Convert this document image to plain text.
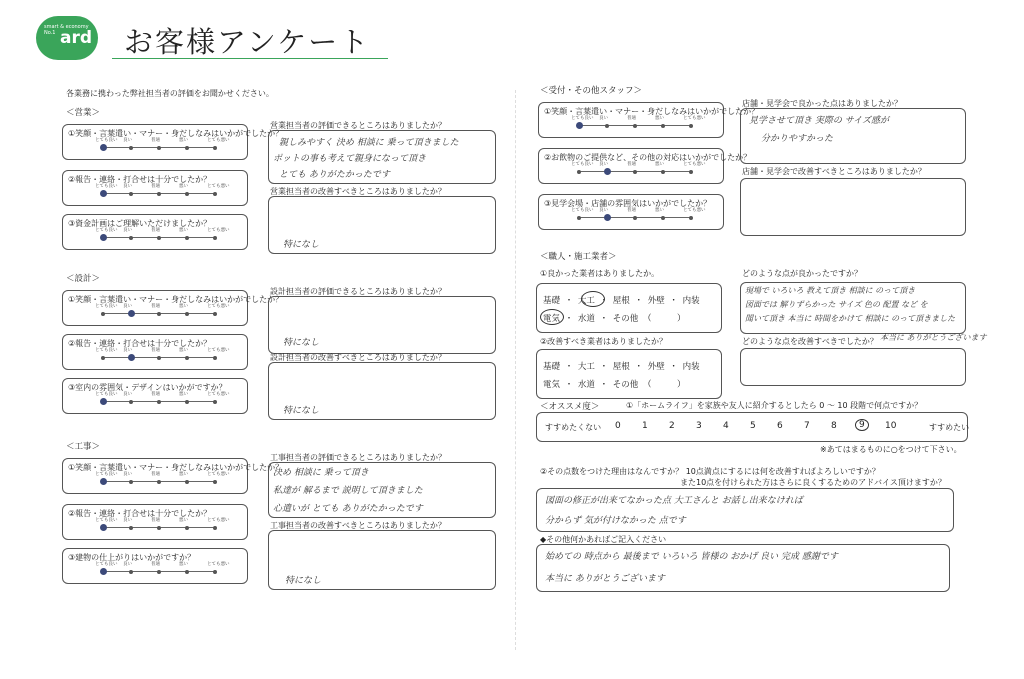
smart & economy No.1 ard お客様アンケート
各業務に携わった弊社担当者の評価をお聞かせください。
＜営業＞
①笑顔・言葉遣い・マナー・身だしなみはいかがでしたか？
とても良い 良い	普通	悪い	とても悪い
②報告・連絡・打合せは十分でしたか？
とても良い 良い	普通	悪い	とても悪い
③資金計画はご理解いただけましたか？
とても良い 良い	普通	悪い	とても悪い
営業担当者の評価できるところはありましたか？
親しみやすく 決め 相談に 乗って頂きました
ポットの事も考えて親身になって頂き
とても ありがたかったです
営業担当者の改善すべきところはありましたか？
特になし
＜設計＞
①笑顔・言葉遣い・マナー・身だしなみはいかがでしたか？
とても良い 良い	普通	悪い	とても悪い
②報告・連絡・打合せは十分でしたか？
とても良い 良い	普通	悪い	とても悪い
③室内の雰囲気・デザインはいかがですか？
とても良い 良い	普通	悪い	とても悪い
設計担当者の評価できるところはありましたか？
特になし
設計担当者の改善すべきところはありましたか？
特になし
＜工事＞
①笑顔・言葉遣い・マナー・身だしなみはいかがでしたか？
とても良い 良い	普通	悪い	とても悪い
②報告・連絡・打合せは十分でしたか？
とても良い 良い	普通	悪い	とても悪い
③建物の仕上がりはいかがですか？
とても良い 良い	普通	悪い	とても悪い
工事担当者の評価できるところはありましたか？
決め 相談に 乗って頂き
私達が 解るまで 説明して頂きました
心遣いが とても ありがたかったです
工事担当者の改善すべきところはありましたか？
特になし
＜受付・その他スタッフ＞
①笑顔・言葉遣い・マナー・身だしなみはいかがでしたか？
とても良い 良い	普通	悪い	とても悪い
②お飲物のご提供など、その他の対応はいかがでしたか？
とても良い 良い	普通	悪い	とても悪い
③見学会場・店舗の雰囲気はいかがでしたか？
とても良い 良い	普通	悪い	とても悪い
店舗・見学会で良かった点はありましたか？
見学させて頂き 実際の サイズ感が
分かりやすかった
店舗・見学会で改善すべきところはありましたか？
＜職人・施工業者＞
①良かった業者はありましたか。
基礎 ・ 大工 ・ 屋根 ・ 外壁 ・ 内装
電気 ・ 水道 ・ その他 （　　　）
どのような点が良かったですか？
現場で いろいろ 教えて頂き 相談に のって頂き
図面では 解りずらかった サイズ 色の 配置 など を
聞いて頂き 本当に 時間をかけて 相談に のって頂きました
本当に ありがとうございます
②改善すべき業者はありましたか？
基礎 ・ 大工 ・ 屋根 ・ 外壁 ・ 内装
電気 ・ 水道 ・ その他 （　　　）
どのような点を改善すべきでしたか？
＜オススメ度＞	①「ホームライフ」を家族や友人に紹介するとしたら 0 ～ 10 段階で何点ですか？
すすめたくない 0 1 2 3 4 5 6 7 8	9	10	すすめたい
※あてはまるものに○をつけて下さい。
②その点数をつけた理由はなんですか？ 10点満点にするには何を改善すればよろしいですか？
また10点を付けられた方はさらに良くするためのアドバイス頂けますか？
図面の修正が出来てなかった点 大工さんと お話し出来なければ
分からず 気が付けなかった 点です
◆その他何かあればご記入ください
始めての 時点から 最後まで いろいろ 皆様の おかげ 良い 完成 感謝です
本当に ありがとうございます
